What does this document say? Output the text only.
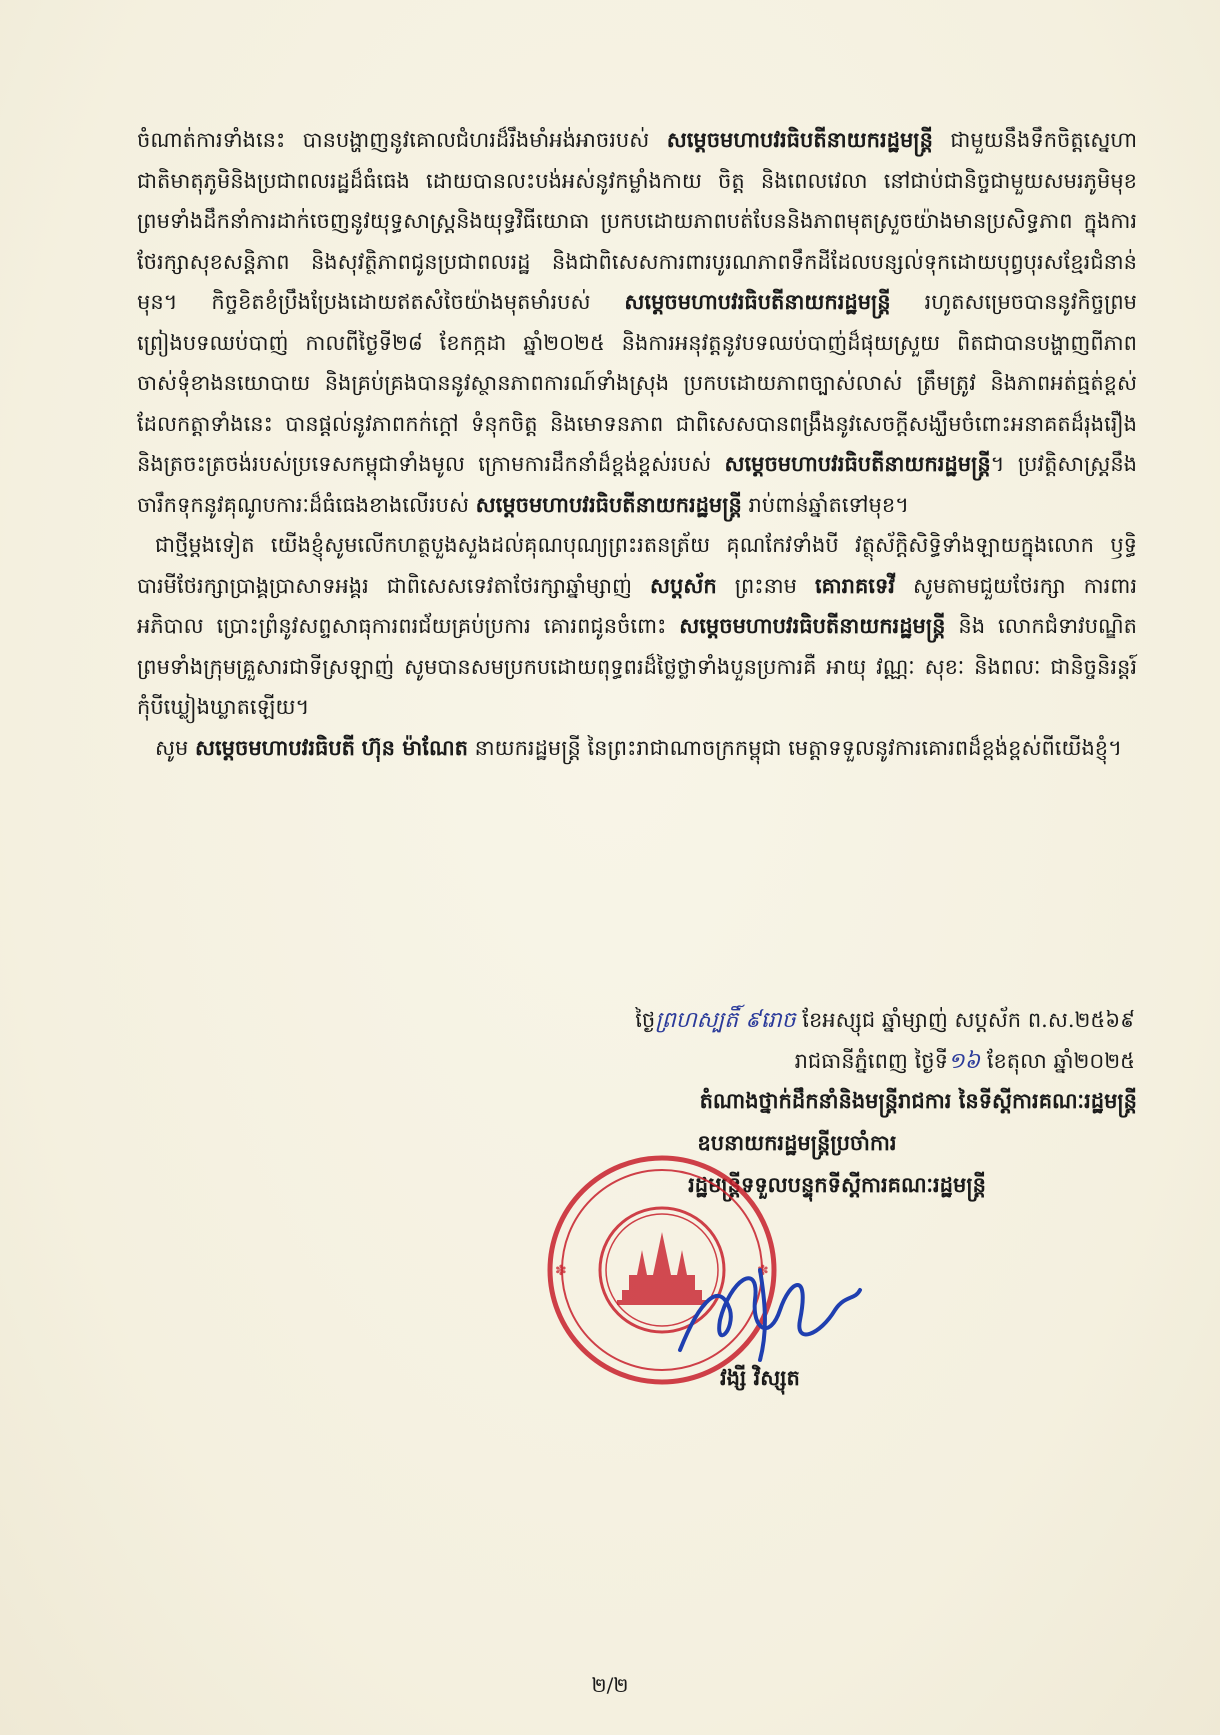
ចំណាត់ការទាំងនេះ បានបង្ហាញនូវគោលជំហរដ៏រឹងមាំអង់អាចរបស់ សម្តេចមហាបវរធិបតីនាយករដ្ឋមន្ត្រី ជាមួយនឹងទឹកចិត្តស្នេហាជាតិមាតុភូមិនិងប្រជាពលរដ្ឋដ៏ធំធេង ដោយបានលះបង់អស់នូវកម្លាំងកាយ ចិត្ត និងពេលវេលា នៅជាប់ជានិច្ចជាមួយសមរភូមិមុខ ព្រមទាំងដឹកនាំការដាក់ចេញនូវយុទ្ធសាស្ត្រនិងយុទ្ធវិធីយោធា ប្រកបដោយភាពបត់បែននិងភាពមុតស្រួចយ៉ាងមានប្រសិទ្ធភាព ក្នុងការថែរក្សាសុខសន្តិភាព និងសុវត្ថិភាពជូនប្រជាពលរដ្ឋ និងជាពិសេសការពារបូរណភាពទឹកដីដែលបន្សល់ទុកដោយបុព្វបុរសខ្មែរជំនាន់មុន។ កិច្ចខិតខំប្រឹងប្រែងដោយឥតសំចៃយ៉ាងមុតមាំរបស់ សម្តេចមហាបវរធិបតីនាយករដ្ឋមន្ត្រី រហូតសម្រេចបាននូវកិច្ចព្រមព្រៀងបទឈប់បាញ់ កាលពីថ្ងៃទី២៨ ខែកក្កដា ឆ្នាំ២០២៥ និងការអនុវត្តនូវបទឈប់បាញ់ដ៏ផុយស្រួយ ពិតជាបានបង្ហាញពីភាពចាស់ទុំខាងនយោបាយ និងគ្រប់គ្រងបាននូវស្ថានភាពការណ៍ទាំងស្រុង ប្រកបដោយភាពច្បាស់លាស់ ត្រឹមត្រូវ និងភាពអត់ធ្មត់ខ្ពស់ ដែលកត្តាទាំងនេះ បានផ្តល់នូវភាពកក់ក្តៅ ទំនុកចិត្ត និងមោទនភាព ជាពិសេសបានពង្រឹងនូវសេចក្តីសង្ឃឹមចំពោះអនាគតដ៏រុងរឿង និងត្រចះត្រចង់របស់ប្រទេសកម្ពុជាទាំងមូល ក្រោមការដឹកនាំដ៏ខ្ពង់ខ្ពស់របស់ សម្តេចមហាបវរធិបតីនាយករដ្ឋមន្ត្រី។ ប្រវត្តិសាស្ត្រនឹងចារឹកទុកនូវគុណូបការៈដ៏ធំធេងខាងលើរបស់ សម្តេចមហាបវរធិបតីនាយករដ្ឋមន្ត្រី រាប់ពាន់ឆ្នាំតទៅមុខ។

ជាថ្មីម្តងទៀត យើងខ្ញុំសូមលើកហត្ថបួងសួងដល់គុណបុណ្យព្រះរតនត្រ័យ គុណកែវទាំងបី វត្ថុស័ក្តិសិទ្ធិទាំងឡាយក្នុងលោក ឫទ្ធិបារមីថែរក្សាប្រាង្គប្រាសាទអង្គរ ជាពិសេសទេវតាថែរក្សាឆ្នាំម្សាញ់ សប្តស័ក ព្រះនាម គោរាគទេវី សូមតាមជួយថែរក្សា ការពារ អភិបាល ប្រោះព្រំនូវសព្ទសាធុការពរជ័យគ្រប់ប្រការ គោរពជូនចំពោះ សម្តេចមហាបវរធិបតីនាយករដ្ឋមន្ត្រី និង លោកជំទាវបណ្ឌិត ព្រមទាំងក្រុមគ្រួសារជាទីស្រឡាញ់ សូមបានសមប្រកបដោយពុទ្ធពរដ៏ថ្លៃថ្លាទាំងបួនប្រការគឺ អាយុ វណ្ណៈ សុខៈ និងពលៈ ជានិច្ចនិរន្តរ៍ កុំបីឃ្លៀងឃ្លាតឡើយ។

សូម សម្តេចមហាបវរធិបតី ហ៊ុន ម៉ាណែត នាយករដ្ឋមន្ត្រី នៃព្រះរាជាណាចក្រកម្ពុជា មេត្តាទទួលនូវការគោរពដ៏ខ្ពង់ខ្ពស់ពីយើងខ្ញុំ។

ថ្ងៃព្រហស្បតិ៍ ៩រោច ខែអស្សុជ ឆ្នាំម្សាញ់ សប្តស័ក ព.ស.២៥៦៩
រាជធានីភ្នំពេញ ថ្ងៃទី១៦ ខែតុលា ឆ្នាំ២០២៥
តំណាងថ្នាក់ដឹកនាំនិងមន្ត្រីរាជការ នៃទីស្តីការគណៈរដ្ឋមន្ត្រី
ឧបនាយករដ្ឋមន្ត្រីប្រចាំការ
រដ្ឋមន្ត្រីទទួលបន្ទុកទីស្តីការគណៈរដ្ឋមន្ត្រី
✽	✽
វង្សី វិស្សុត
២/២
